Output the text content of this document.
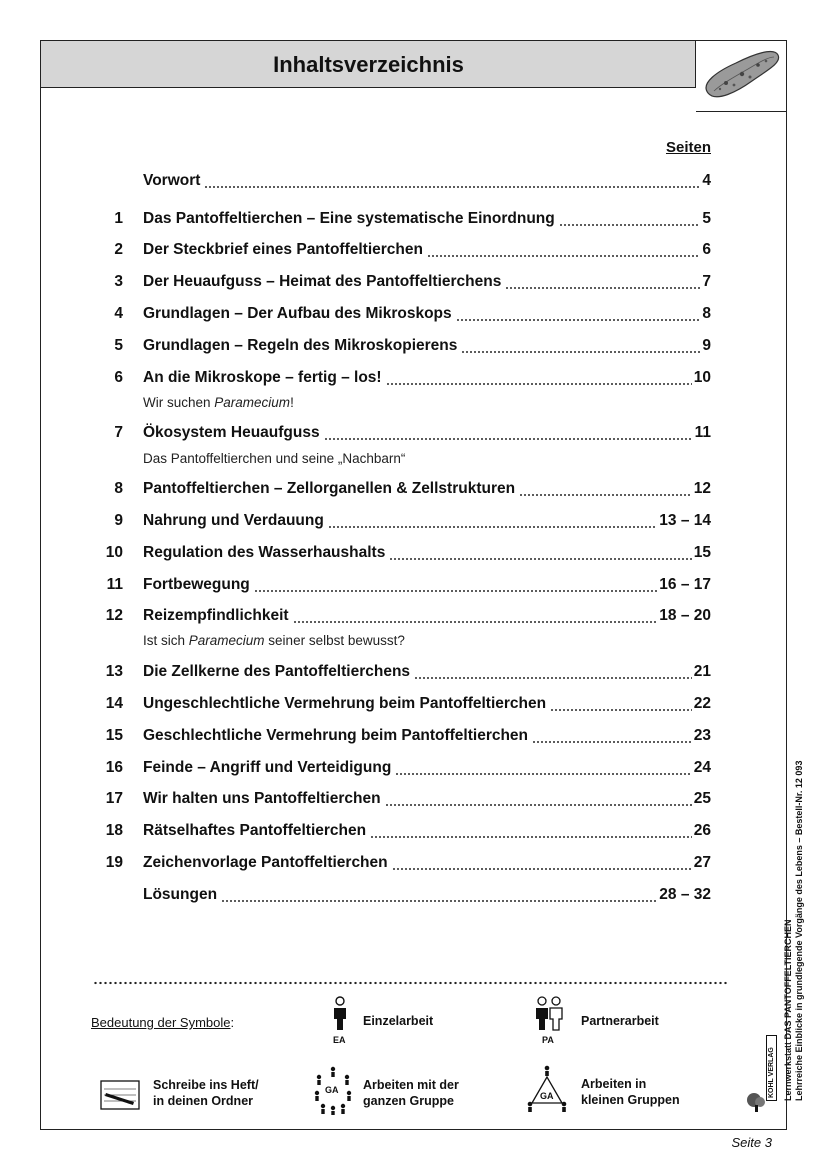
Inhaltsverzeichnis
Seiten
Vorwort	4
1 Das Pantoffeltierchen – Eine systematische Einordnung	5
2 Der Steckbrief eines Pantoffeltierchen	6
3 Der Heuaufguss – Heimat des Pantoffeltierchens	7
4 Grundlagen – Der Aufbau des Mikroskops	8
5 Grundlagen – Regeln des Mikroskopierens	9
6 An die Mikroskope – fertig – los!	10
Wir suchen Paramecium!
7 Ökosystem Heuaufguss	11
Das Pantoffeltierchen und seine „Nachbarn“
8 Pantoffeltierchen – Zellorganellen & Zellstrukturen	12
9 Nahrung und Verdauung	13 – 14
10 Regulation des Wasserhaushalts	15
11 Fortbewegung	16 – 17
12 Reizempfindlichkeit	18 – 20
Ist sich Paramecium seiner selbst bewusst?
13 Die Zellkerne des Pantoffeltierchens	21
14 Ungeschlechtliche Vermehrung beim Pantoffeltierchen	22
15 Geschlechtliche Vermehrung beim Pantoffeltierchen	23
16 Feinde – Angriff und Verteidigung	24
17 Wir halten uns Pantoffeltierchen	25
18 Rätselhaftes Pantoffeltierchen	26
19 Zeichenvorlage Pantoffeltierchen	27
Lösungen	28 – 32
Bedeutung der Symbole:
EA
Einzelarbeit
PA
Partnerarbeit
Schreibe ins Heft/
in deinen Ordner
GA Arbeiten mit der
ganzen Gruppe	GA
Arbeiten in
kleinen Gruppen	Lernwerkstatt DAS PANTOFFELTIERCHEN Lehrreiche Einblicke in grundlegende Vorgänge des Lebens – Bestell-Nr. 12 093
KOHL VERLAG
Seite 3
